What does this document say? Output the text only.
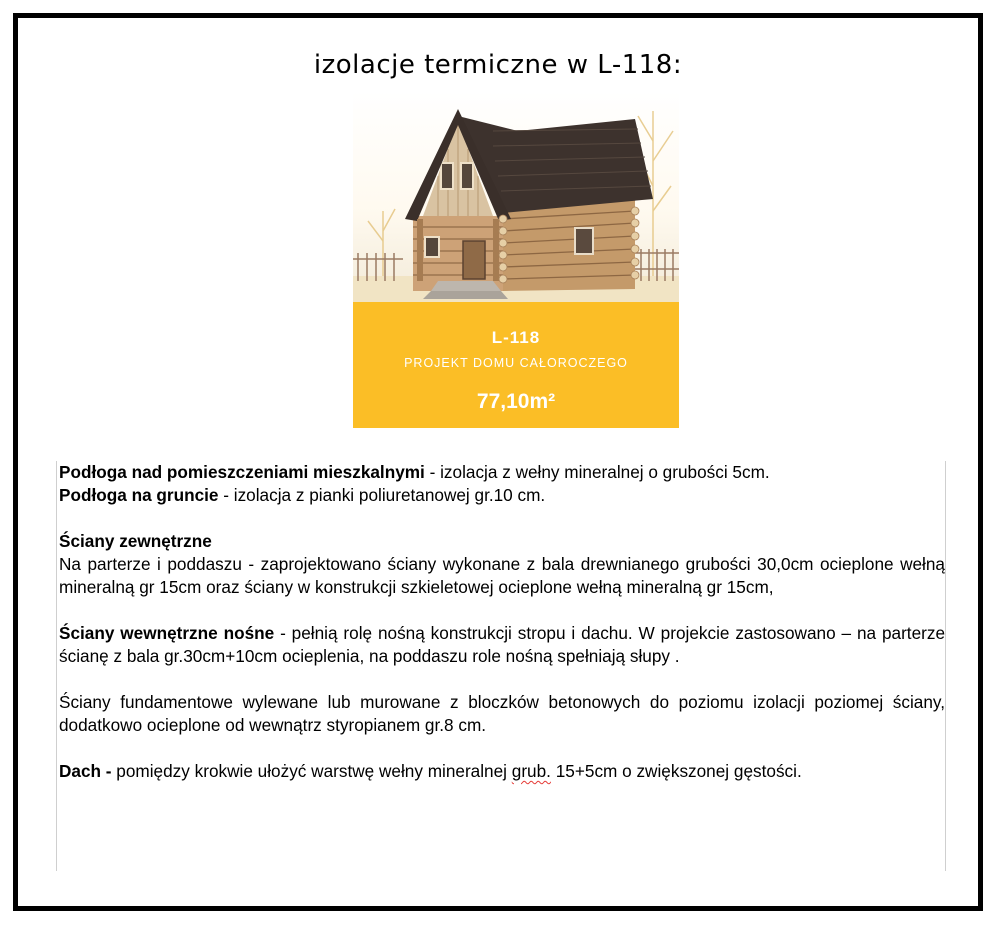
izolacje termiczne w L-118:
L-118
PROJEKT DOMU CAŁOROCZEGO
77,10m²

Podłoga nad pomieszczeniami mieszkalnymi - izolacja z wełny mineralnej o grubości 5cm.

Podłoga na gruncie - izolacja z pianki poliuretanowej gr.10 cm.

Ściany zewnętrzne

Na parterze i poddaszu - zaprojektowano ściany wykonane z bala drewnianego grubości 30,0cm ocieplone wełną mineralną gr 15cm oraz ściany w konstrukcji szkieletowej ocieplone wełną mineralną gr 15cm,

Ściany wewnętrzne nośne - pełnią rolę nośną konstrukcji stropu i dachu. W projekcie zastosowano – na parterze ścianę z bala gr.30cm+10cm ocieplenia, na poddaszu role nośną spełniają słupy .

Ściany fundamentowe wylewane lub murowane z bloczków betonowych do poziomu izolacji poziomej ściany, dodatkowo ocieplone od wewnątrz styropianem gr.8 cm.

Dach - pomiędzy krokwie ułożyć warstwę wełny mineralnej grub. 15+5cm o zwiększonej gęstości.
